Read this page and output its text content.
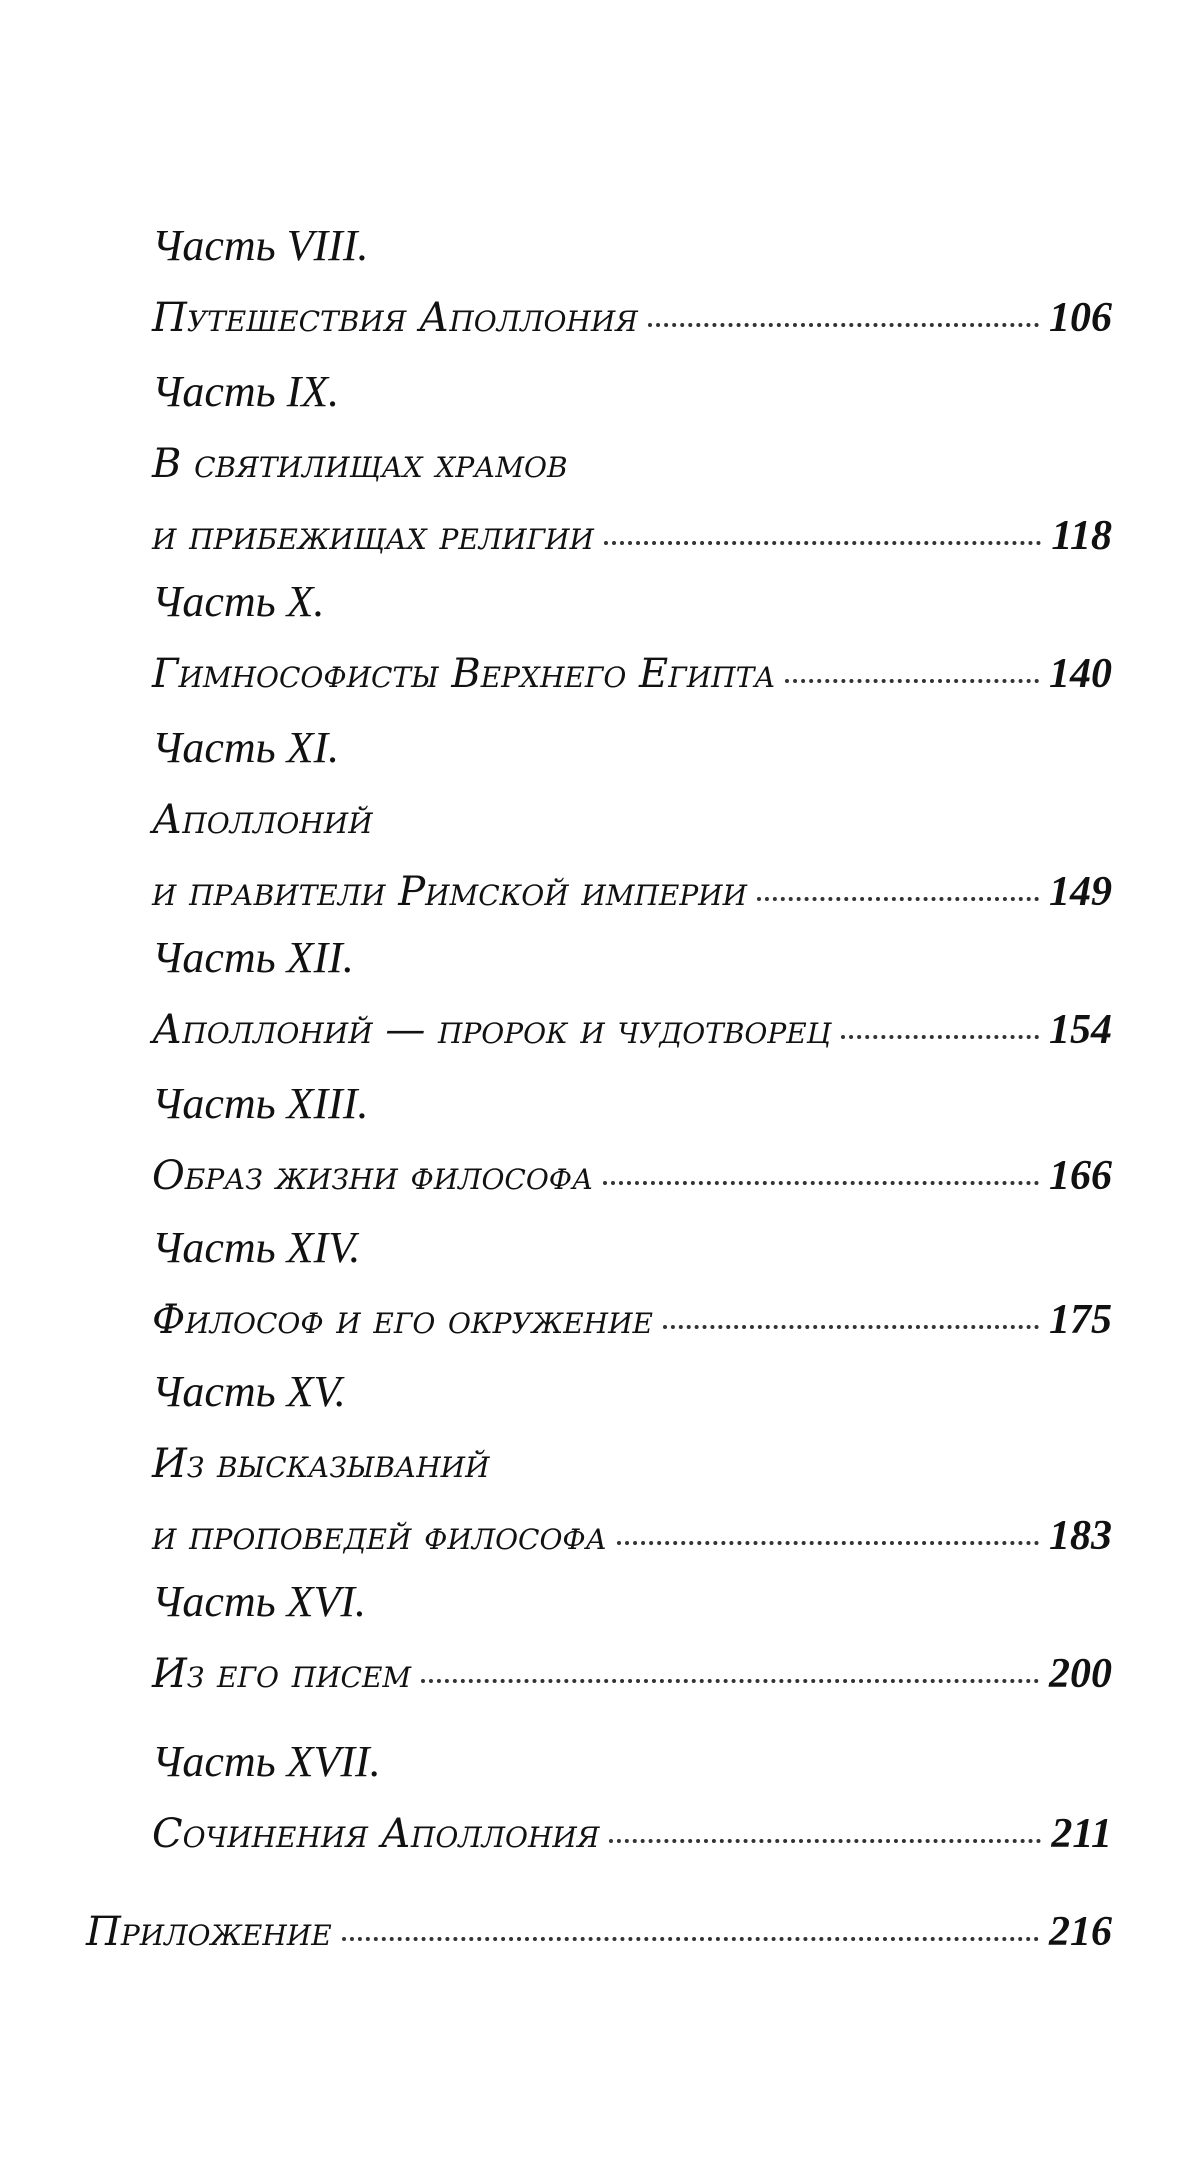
Часть VIII.
Путешествия Аполлония	106
Часть IX.
В святилищах храмов
и прибежищах религии	118
Часть X.
Гимнософисты Верхнего Египта	140
Часть XI.
Аполлоний
и правители Римской империи	149
Часть XII.
Аполлоний — пророк и чудотворец	154
Часть XIII.
Образ жизни философа	166
Часть XIV.
Философ и его окружение	175
Часть XV.
Из высказываний
и проповедей философа	183
Часть XVI.
Из его писем	200
Часть XVII.
Сочинения Аполлония	211
Приложение	216
